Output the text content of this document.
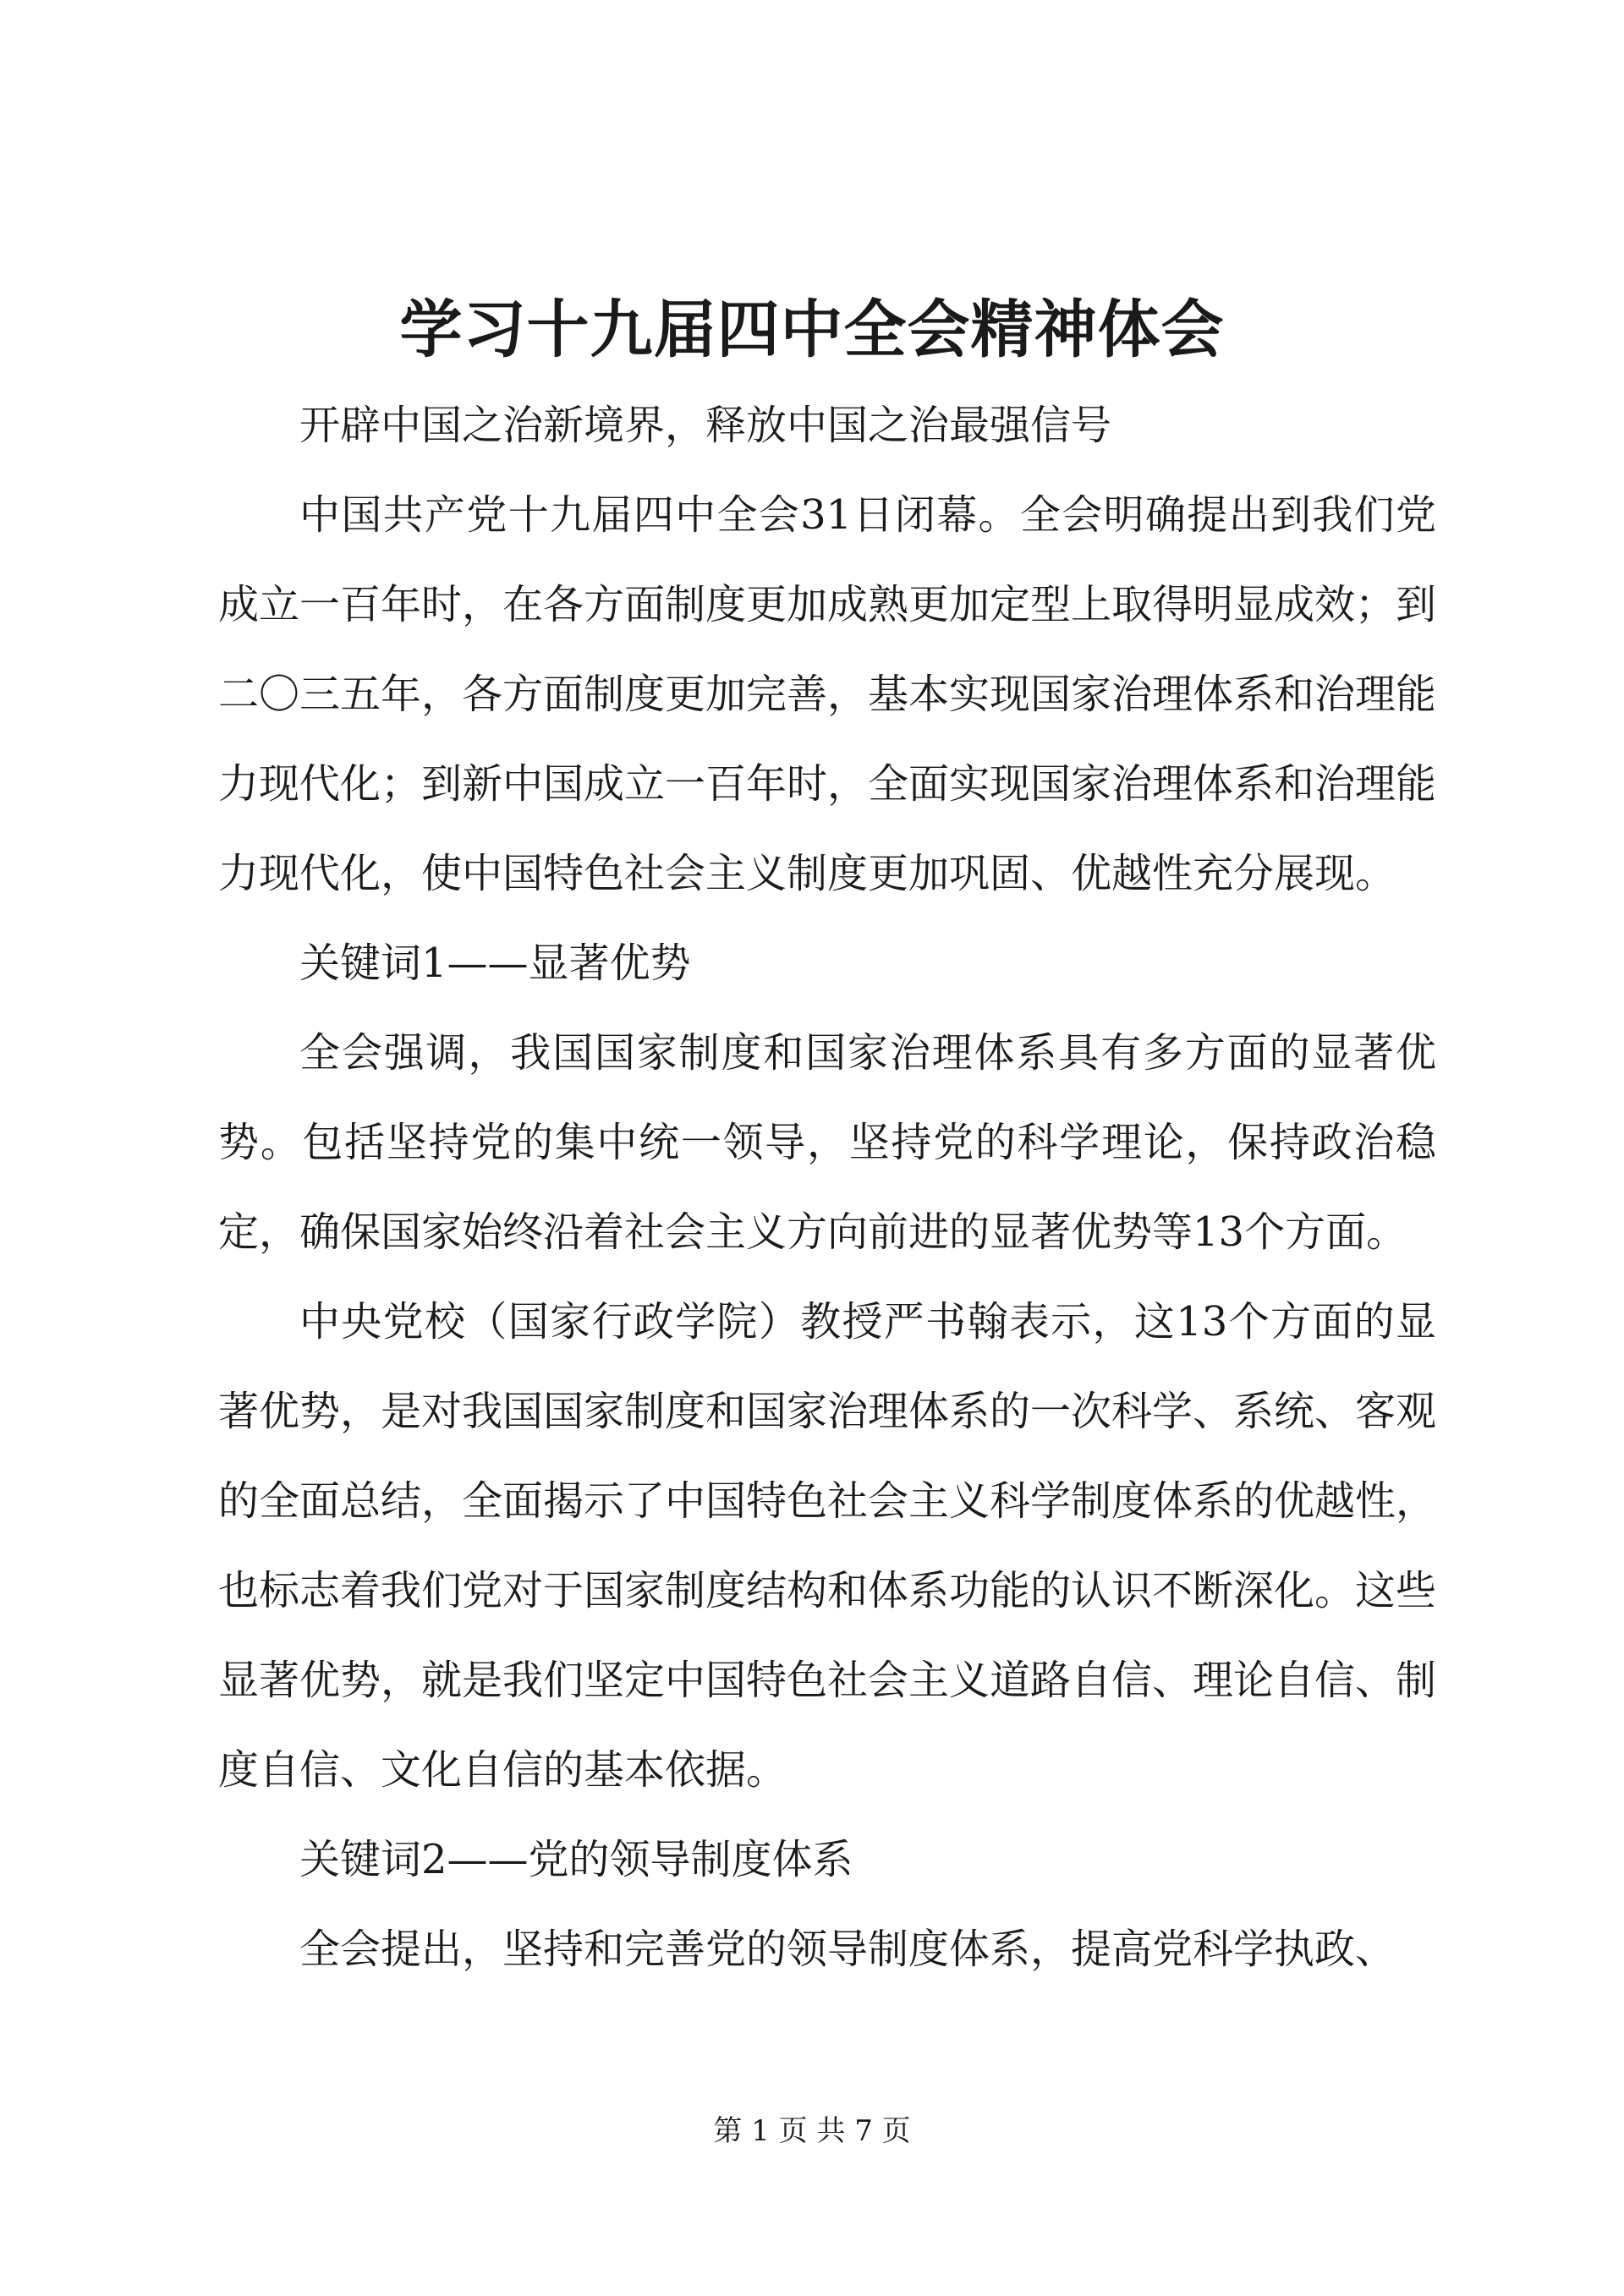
学习十九届四中全会精神体会

开辟中国之治新境界，释放中国之治最强信号

中国共产党十九届四中全会31日闭幕。全会明确提出到我们党成立一百年时，在各方面制度更加成熟更加定型上取得明显成效；到二〇三五年，各方面制度更加完善，基本实现国家治理体系和治理能力现代化；到新中国成立一百年时，全面实现国家治理体系和治理能力现代化，使中国特色社会主义制度更加巩固、优越性充分展现。

关键词1——显著优势

全会强调，我国国家制度和国家治理体系具有多方面的显著优势。包括坚持党的集中统一领导，坚持党的科学理论，保持政治稳定，确保国家始终沿着社会主义方向前进的显著优势等13个方面。

中央党校（国家行政学院）教授严书翰表示，这13个方面的显著优势，是对我国国家制度和国家治理体系的一次科学、系统、客观的全面总结，全面揭示了中国特色社会主义科学制度体系的优越性，也标志着我们党对于国家制度结构和体系功能的认识不断深化。这些显著优势，就是我们坚定中国特色社会主义道路自信、理论自信、制度自信、文化自信的基本依据。

关键词2——党的领导制度体系

全会提出，坚持和完善党的领导制度体系，提高党科学执政、

第 1 页 共 7 页
